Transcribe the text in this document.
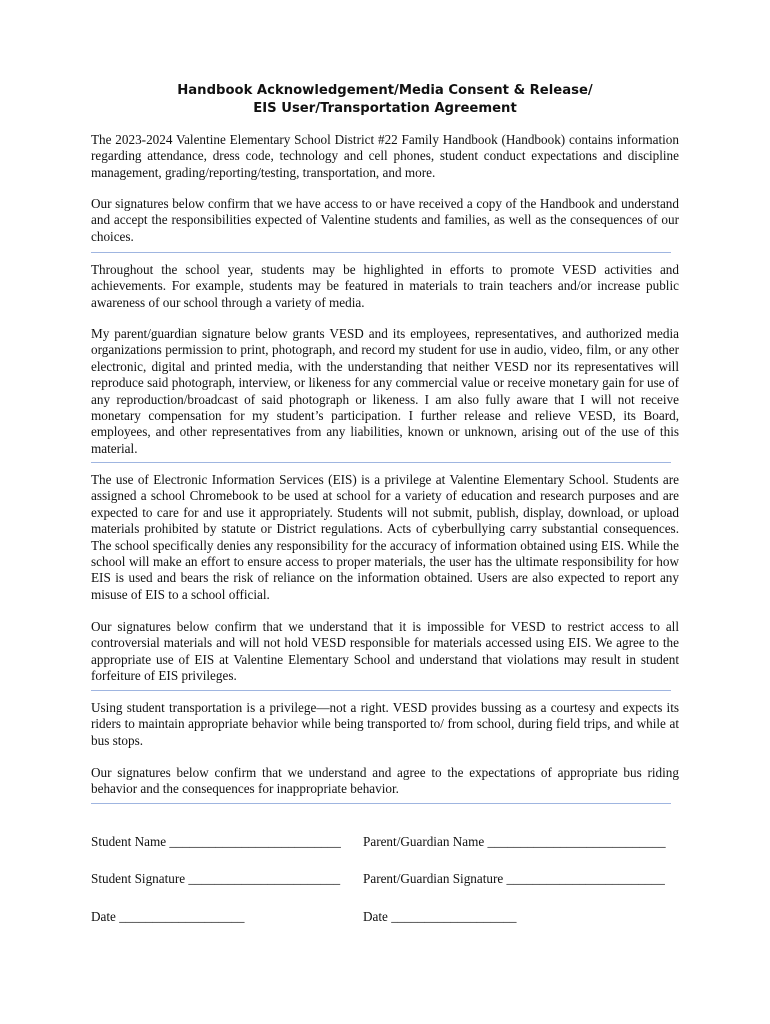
Handbook Acknowledgement/Media Consent & Release/
EIS User/Transportation Agreement

The 2023-2024 Valentine Elementary School District #22 Family Handbook (Handbook) contains information regarding attendance, dress code, technology and cell phones, student conduct expectations and discipline management, grading/reporting/testing, transportation, and more.

Our signatures below confirm that we have access to or have received a copy of the Handbook and understand and accept the responsibilities expected of Valentine students and families, as well as the consequences of our choices.

Throughout the school year, students may be highlighted in efforts to promote VESD activities and achievements. For example, students may be featured in materials to train teachers and/or increase public awareness of our school through a variety of media.

My parent/guardian signature below grants VESD and its employees, representatives, and authorized media organizations permission to print, photograph, and record my student for use in audio, video, film, or any other electronic, digital and printed media, with the understanding that neither VESD nor its representatives will reproduce said photograph, interview, or likeness for any commercial value or receive monetary gain for use of any reproduction/broadcast of said photograph or likeness. I am also fully aware that I will not receive monetary compensation for my student’s participation. I further release and relieve VESD, its Board, employees, and other representatives from any liabilities, known or unknown, arising out of the use of this material.

The use of Electronic Information Services (EIS) is a privilege at Valentine Elementary School. Students are assigned a school Chromebook to be used at school for a variety of education and research purposes and are expected to care for and use it appropriately. Students will not submit, publish, display, download, or upload materials prohibited by statute or District regulations. Acts of cyberbullying carry substantial consequences. The school specifically denies any responsibility for the accuracy of information obtained using EIS. While the school will make an effort to ensure access to proper materials, the user has the ultimate responsibility for how EIS is used and bears the risk of reliance on the information obtained. Users are also expected to report any misuse of EIS to a school official.

Our signatures below confirm that we understand that it is impossible for VESD to restrict access to all controversial materials and will not hold VESD responsible for materials accessed using EIS. We agree to the appropriate use of EIS at Valentine Elementary School and understand that violations may result in student forfeiture of EIS privileges.

Using student transportation is a privilege—not a right. VESD provides bussing as a courtesy and expects its riders to maintain appropriate behavior while being transported to/ from school, during field trips, and while at bus stops.

Our signatures below confirm that we understand and agree to the expectations of appropriate bus riding behavior and the consequences for inappropriate behavior.

Student Name __________________________ Parent/Guardian Name ___________________________
Student Signature _______________________ Parent/Guardian Signature ________________________
Date ___________________	Date ___________________
